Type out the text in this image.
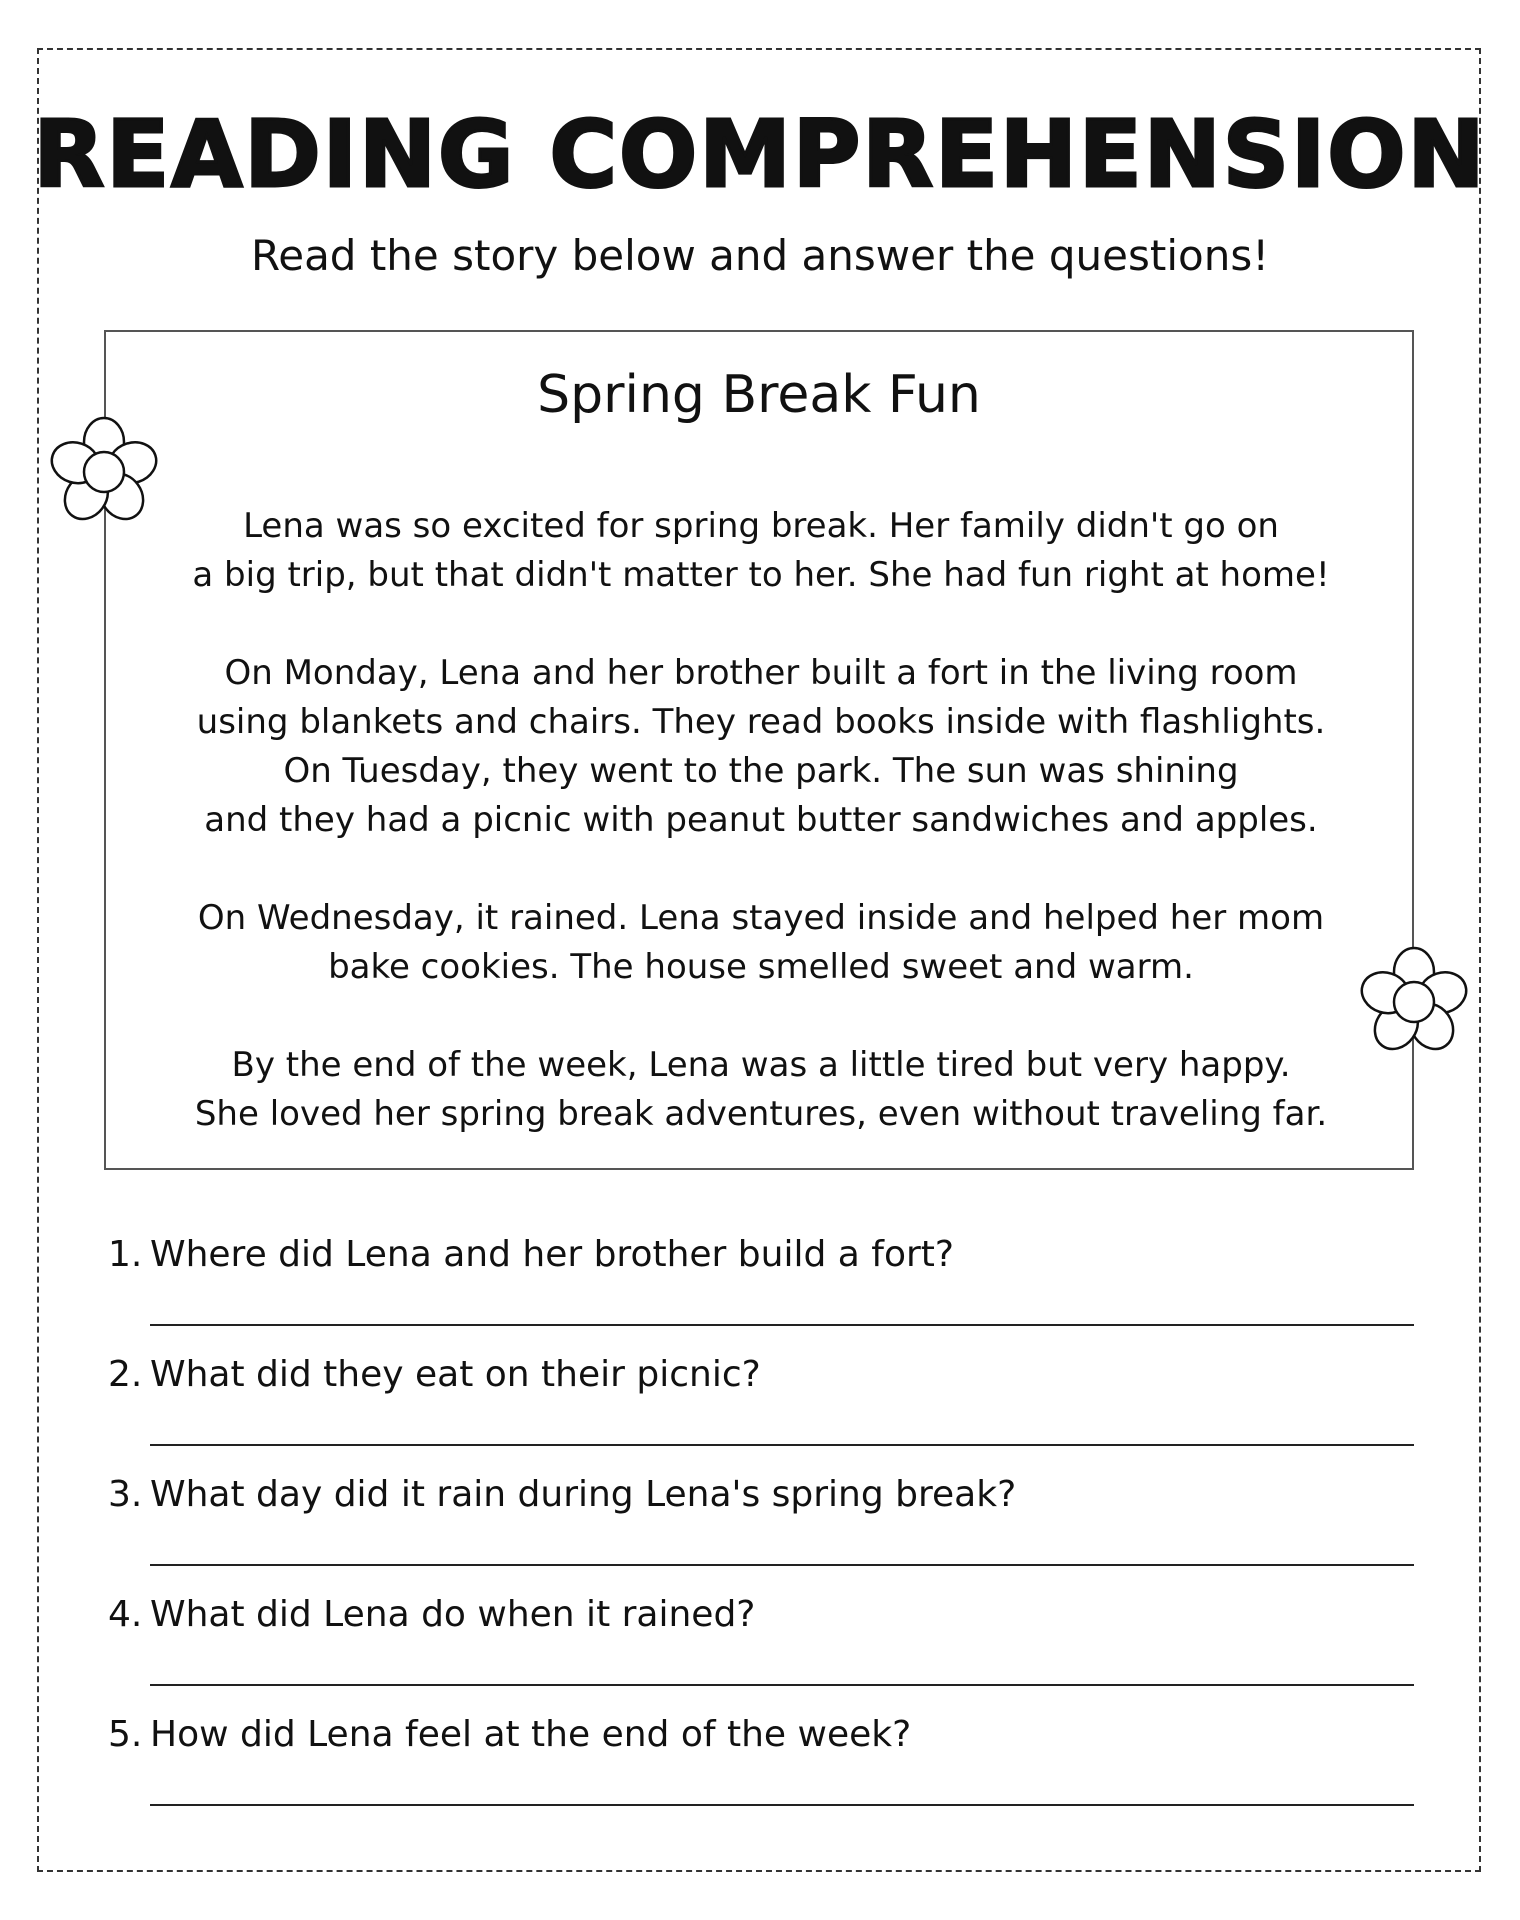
READING COMPREHENSION
Read the story below and answer the questions!
Spring Break Fun

Lena was so excited for spring break. Her family didn't go on
a big trip, but that didn't matter to her. She had fun right at home!

On Monday, Lena and her brother built a fort in the living room
using blankets and chairs. They read books inside with flashlights.
On Tuesday, they went to the park. The sun was shining
and they had a picnic with peanut butter sandwiches and apples.

On Wednesday, it rained. Lena stayed inside and helped her mom
bake cookies. The house smelled sweet and warm.

By the end of the week, Lena was a little tired but very happy.
She loved her spring break adventures, even without traveling far.

1. Where did Lena and her brother build a fort?
2. What did they eat on their picnic?
3. What day did it rain during Lena's spring break?
4. What did Lena do when it rained?
5. How did Lena feel at the end of the week?
